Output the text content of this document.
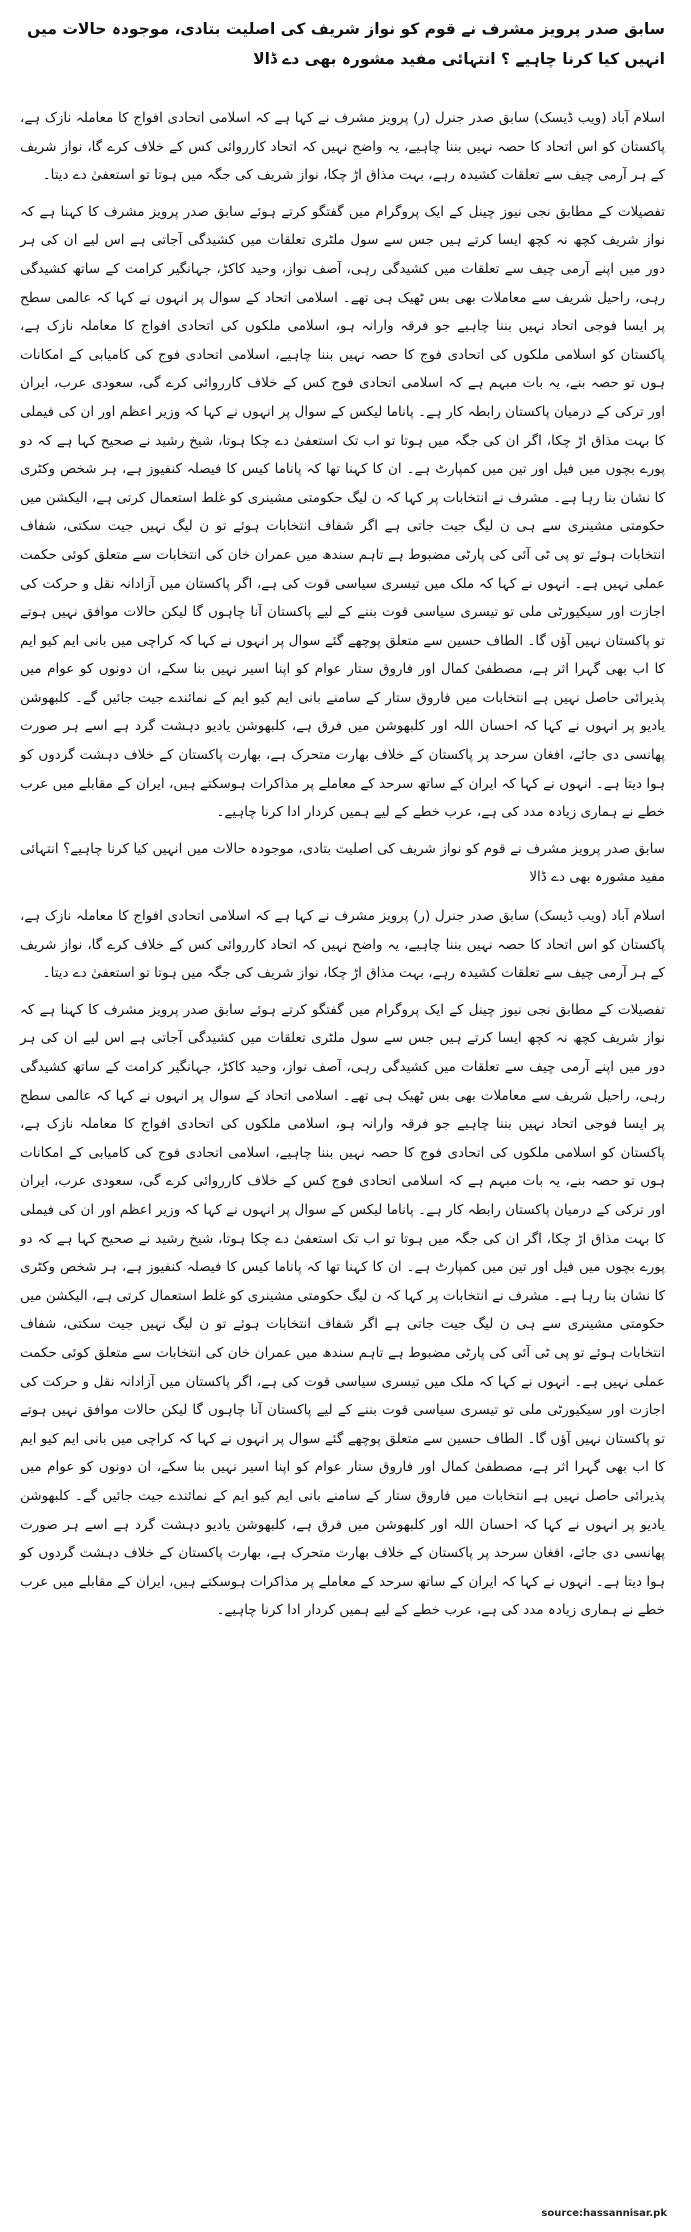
سابق صدر پرویز مشرف نے قوم کو نواز شریف کی اصلیت بتادی، موجودہ حالات میں انہیں کیا کرنا چاہیے ؟ انتہائی مفید مشورہ بھی دے ڈالا
اسلام آباد (ویب ڈیسک) سابق صدر جنرل (ر) پرویز مشرف نے کہا ہے کہ اسلامی اتحادی افواج کا معاملہ نازک ہے، پاکستان کو اس اتحاد کا حصہ نہیں بننا چاہیے، یہ واضح نہیں کہ اتحاد کارروائی کس کے خلاف کرے گا، نواز شریف کے ہر آرمی چیف سے تعلقات کشیدہ رہے، بہت مذاق اڑ چکا، نواز شریف کی جگہ میں ہوتا تو استعفیٰ دے دیتا۔
تفصیلات کے مطابق نجی نیوز چینل کے ایک پروگرام میں گفتگو کرتے ہوئے سابق صدر پرویز مشرف کا کہنا ہے کہ نواز شریف کچھ نہ کچھ ایسا کرتے ہیں جس سے سول ملٹری تعلقات میں کشیدگی آجاتی ہے اس لیے ان کی ہر دور میں اپنے آرمی چیف سے تعلقات میں کشیدگی رہی، آصف نواز، وحید کاکڑ، جہانگیر کرامت کے ساتھ کشیدگی رہی، راحیل شریف سے معاملات بھی بس ٹھیک ہی تھے۔ اسلامی اتحاد کے سوال پر انہوں نے کہا کہ عالمی سطح پر ایسا فوجی اتحاد نہیں بننا چاہیے جو فرقہ وارانہ ہو، اسلامی ملکوں کی اتحادی افواج کا معاملہ نازک ہے، پاکستان کو اسلامی ملکوں کی اتحادی فوج کا حصہ نہیں بننا چاہیے، اسلامی اتحادی فوج کی کامیابی کے امکانات ہوں تو حصہ بنے، یہ بات مبہم ہے کہ اسلامی اتحادی فوج کس کے خلاف کارروائی کرے گی، سعودی عرب، ایران اور ترکی کے درمیان پاکستان رابطہ کار ہے۔ پاناما لیکس کے سوال پر انہوں نے کہا کہ وزیر اعظم اور ان کی فیملی کا بہت مذاق اڑ چکا، اگر ان کی جگہ میں ہوتا تو اب تک استعفیٰ دے چکا ہوتا، شیخ رشید نے صحیح کہا ہے کہ دو پورے بچوں میں فیل اور تین میں کمپارٹ ہے۔ ان کا کہنا تھا کہ پاناما کیس کا فیصلہ کنفیوز ہے، ہر شخص وکٹری کا نشان بنا رہا ہے۔ مشرف نے انتخابات پر کہا کہ ن لیگ حکومتی مشینری کو غلط استعمال کرتی ہے، الیکشن میں حکومتی مشینری سے ہی ن لیگ جیت جاتی ہے اگر شفاف انتخابات ہوئے تو ن لیگ نہیں جیت سکتی، شفاف انتخابات ہوئے تو پی ٹی آئی کی پارٹی مضبوط ہے تاہم سندھ میں عمران خان کی انتخابات سے متعلق کوئی حکمت عملی نہیں ہے۔ انہوں نے کہا کہ ملک میں تیسری سیاسی قوت کی ہے، اگر پاکستان میں آزادانہ نقل و حرکت کی اجازت اور سیکیورٹی ملی تو تیسری سیاسی قوت بننے کے لیے پاکستان آنا چاہوں گا لیکن حالات موافق نہیں ہوتے تو پاکستان نہیں آؤں گا۔ الطاف حسین سے متعلق پوچھے گئے سوال پر انہوں نے کہا کہ کراچی میں بانی ایم کیو ایم کا اب بھی گہرا اثر ہے، مصطفیٰ کمال اور فاروق ستار عوام کو اپنا اسیر نہیں بنا سکے، ان دونوں کو عوام میں پذیرائی حاصل نہیں ہے انتخابات میں فاروق ستار کے سامنے بانی ایم کیو ایم کے نمائندے جیت جائیں گے۔ کلبھوشن یادیو پر انہوں نے کہا کہ احسان اللہ اور کلبھوشن میں فرق ہے، کلبھوشن یادیو دہشت گرد ہے اسے ہر صورت پھانسی دی جائے، افغان سرحد پر پاکستان کے خلاف بھارت متحرک ہے، بھارت پاکستان کے خلاف دہشت گردوں کو ہوا دیتا ہے۔ انہوں نے کہا کہ ایران کے ساتھ سرحد کے معاملے پر مذاکرات ہوسکتے ہیں، ایران کے مقابلے میں عرب خطے نے ہماری زیادہ مدد کی ہے، عرب خطے کے لیے ہمیں کردار ادا کرنا چاہیے۔
سابق صدر پرویز مشرف نے قوم کو نواز شریف کی اصلیت بتادی، موجودہ حالات میں انہیں کیا کرنا چاہیے؟ انتہائی مفید مشورہ بھی دے ڈالا
اسلام آباد (ویب ڈیسک) سابق صدر جنرل (ر) پرویز مشرف نے کہا ہے کہ اسلامی اتحادی افواج کا معاملہ نازک ہے، پاکستان کو اس اتحاد کا حصہ نہیں بننا چاہیے، یہ واضح نہیں کہ اتحاد کارروائی کس کے خلاف کرے گا، نواز شریف کے ہر آرمی چیف سے تعلقات کشیدہ رہے، بہت مذاق اڑ چکا، نواز شریف کی جگہ میں ہوتا تو استعفیٰ دے دیتا۔
تفصیلات کے مطابق نجی نیوز چینل کے ایک پروگرام میں گفتگو کرتے ہوئے سابق صدر پرویز مشرف کا کہنا ہے کہ نواز شریف کچھ نہ کچھ ایسا کرتے ہیں جس سے سول ملٹری تعلقات میں کشیدگی آجاتی ہے اس لیے ان کی ہر دور میں اپنے آرمی چیف سے تعلقات میں کشیدگی رہی، آصف نواز، وحید کاکڑ، جہانگیر کرامت کے ساتھ کشیدگی رہی، راحیل شریف سے معاملات بھی بس ٹھیک ہی تھے۔ اسلامی اتحاد کے سوال پر انہوں نے کہا کہ عالمی سطح پر ایسا فوجی اتحاد نہیں بننا چاہیے جو فرقہ وارانہ ہو، اسلامی ملکوں کی اتحادی افواج کا معاملہ نازک ہے، پاکستان کو اسلامی ملکوں کی اتحادی فوج کا حصہ نہیں بننا چاہیے، اسلامی اتحادی فوج کی کامیابی کے امکانات ہوں تو حصہ بنے، یہ بات مبہم ہے کہ اسلامی اتحادی فوج کس کے خلاف کارروائی کرے گی، سعودی عرب، ایران اور ترکی کے درمیان پاکستان رابطہ کار ہے۔ پاناما لیکس کے سوال پر انہوں نے کہا کہ وزیر اعظم اور ان کی فیملی کا بہت مذاق اڑ چکا، اگر ان کی جگہ میں ہوتا تو اب تک استعفیٰ دے چکا ہوتا، شیخ رشید نے صحیح کہا ہے کہ دو پورے بچوں میں فیل اور تین میں کمپارٹ ہے۔ ان کا کہنا تھا کہ پاناما کیس کا فیصلہ کنفیوز ہے، ہر شخص وکٹری کا نشان بنا رہا ہے۔ مشرف نے انتخابات پر کہا کہ ن لیگ حکومتی مشینری کو غلط استعمال کرتی ہے، الیکشن میں حکومتی مشینری سے ہی ن لیگ جیت جاتی ہے اگر شفاف انتخابات ہوئے تو ن لیگ نہیں جیت سکتی، شفاف انتخابات ہوئے تو پی ٹی آئی کی پارٹی مضبوط ہے تاہم سندھ میں عمران خان کی انتخابات سے متعلق کوئی حکمت عملی نہیں ہے۔ انہوں نے کہا کہ ملک میں تیسری سیاسی قوت کی ہے، اگر پاکستان میں آزادانہ نقل و حرکت کی اجازت اور سیکیورٹی ملی تو تیسری سیاسی قوت بننے کے لیے پاکستان آنا چاہوں گا لیکن حالات موافق نہیں ہوتے تو پاکستان نہیں آؤں گا۔ الطاف حسین سے متعلق پوچھے گئے سوال پر انہوں نے کہا کہ کراچی میں بانی ایم کیو ایم کا اب بھی گہرا اثر ہے، مصطفیٰ کمال اور فاروق ستار عوام کو اپنا اسیر نہیں بنا سکے، ان دونوں کو عوام میں پذیرائی حاصل نہیں ہے انتخابات میں فاروق ستار کے سامنے بانی ایم کیو ایم کے نمائندے جیت جائیں گے۔ کلبھوشن یادیو پر انہوں نے کہا کہ احسان اللہ اور کلبھوشن میں فرق ہے، کلبھوشن یادیو دہشت گرد ہے اسے ہر صورت پھانسی دی جائے، افغان سرحد پر پاکستان کے خلاف بھارت متحرک ہے، بھارت پاکستان کے خلاف دہشت گردوں کو ہوا دیتا ہے۔ انہوں نے کہا کہ ایران کے ساتھ سرحد کے معاملے پر مذاکرات ہوسکتے ہیں، ایران کے مقابلے میں عرب خطے نے ہماری زیادہ مدد کی ہے، عرب خطے کے لیے ہمیں کردار ادا کرنا چاہیے۔
source:hassannisar.pk
